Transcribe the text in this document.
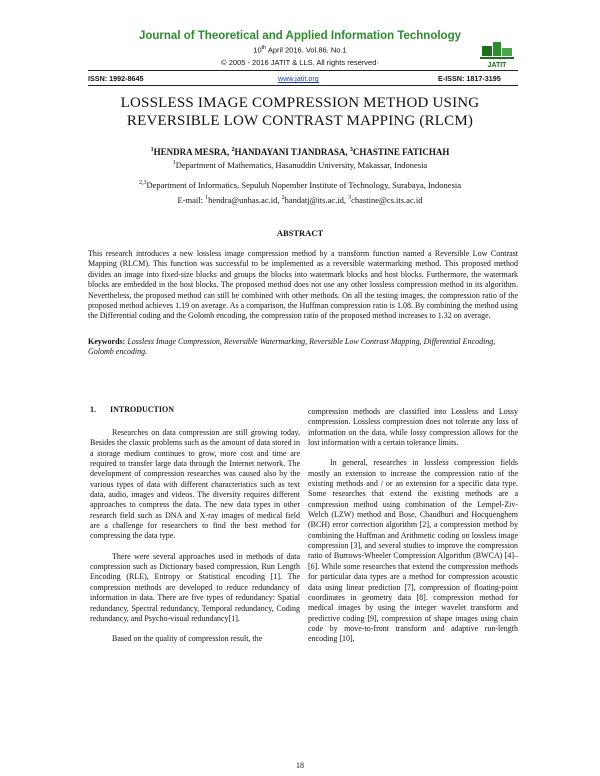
Journal of Theoretical and Applied Information Technology
10th April 2016. Vol.86. No.1
© 2005 - 2016 JATIT & LLS. All rights reserved·	JATIT
ISSN: 1992-8645	www.jatit.org	E-ISSN: 1817-3195
LOSSLESS IMAGE COMPRESSION METHOD USING
REVERSIBLE LOW CONTRAST MAPPING (RLCM)
$^1$HENDRA MESRA, $^2$HANDAYANI TJANDRASA, $^3$CHASTINE FATICHAH
$^1$Department of Mathematics, Hasanuddin University, Makassar, Indonesia
$^{2,3}$Department of Informatics, Sepuluh Nopember Institute of Technology, Surabaya, Indonesia
E-mail: $^1$hendra@unhas.ac.id, $^2$handatj@its.ac.id, $^3$chastine@cs.its.ac.id
ABSTRACT
This research introduces a new lossless image compression method by a transform function named a Reversible Low Contrast Mapping (RLCM). This function was successful to be implemented as a reversible watermarking method. This proposed method divides an image into fixed-size blocks and groups the blocks into watermark blocks and host blocks. Furthermore, the watermark blocks are embedded in the host blocks. The proposed method does not use any other lossless compression method in its algorithm. Nevertheless, the proposed method can still be combined with other methods. On all the testing images, the compression ratio of the proposed method achieves 1.19 on average. As a comparison, the Huffman compression ratio is 1.08. By combining the method using the Differential coding and the Golomb encoding, the compression ratio of the proposed method increases to 1.32 on average.
Keywords: Lossless Image Compression, Reversible Watermarking, Reversible Low Contrast Mapping, Differential Encoding, Golomb encoding.
1. INTRODUCTION

Researches on data compression are still growing today. Besides the classic problems such as the amount of data stored in a storage medium continues to grow, more cost and time are required to transfer large data through the Internet network. The development of compression researches was caused also by the various types of data with different characteristics such as text data, audio, images and videos. The diversity requires different approaches to compress the data. The new data types in other research field such as DNA and X-ray images of medical field are a challenge for researchers to find the best method for compressing the data type.

There were several approaches used in methods of data compression such as Dictionary based compression, Run Length Encoding (RLE), Entropy or Statistical encoding [1]. The compression methods are developed to reduce redundancy of information in data. There are five types of redundancy: Spatial redundancy, Spectral redundancy, Temporal redundancy, Coding redundancy, and Psycho-visual redundancy[1].

Based on the quality of compression result, the

compression methods are classified into Lossless and Lossy compression. Lossless compression does not tolerate any loss of information on the data, while lossy compression allows for the lost information with a certain tolerance limits.

In general, researches in lossless compression fields mostly an extension to increase the compression ratio of the existing methods and / or an extension for a specific data type. Some researches that extend the existing methods are a compression method using combination of the Lempel-Ziv-Welch (LZW) method and Bose, Chaudhuri and Hocquenghem (BCH) error correction algorithm [2], a compression method by combining the Huffman and Arithmetic coding on lossless image compression [3], and several studies to improve the compression ratio of Burrows-Wheeler Compression Algorithm (BWCA) [4]–[6]. While some researches that extend the compression methods for particular data types are a method for compression acoustic data using linear prediction [7], compression of floating-point coordinates in geometry data [8]. compression method for medical images by using the integer wavelet transform and predictive coding [9], compression of shape images using chain code by move-to-front transform and adaptive run-length encoding [10],

18
